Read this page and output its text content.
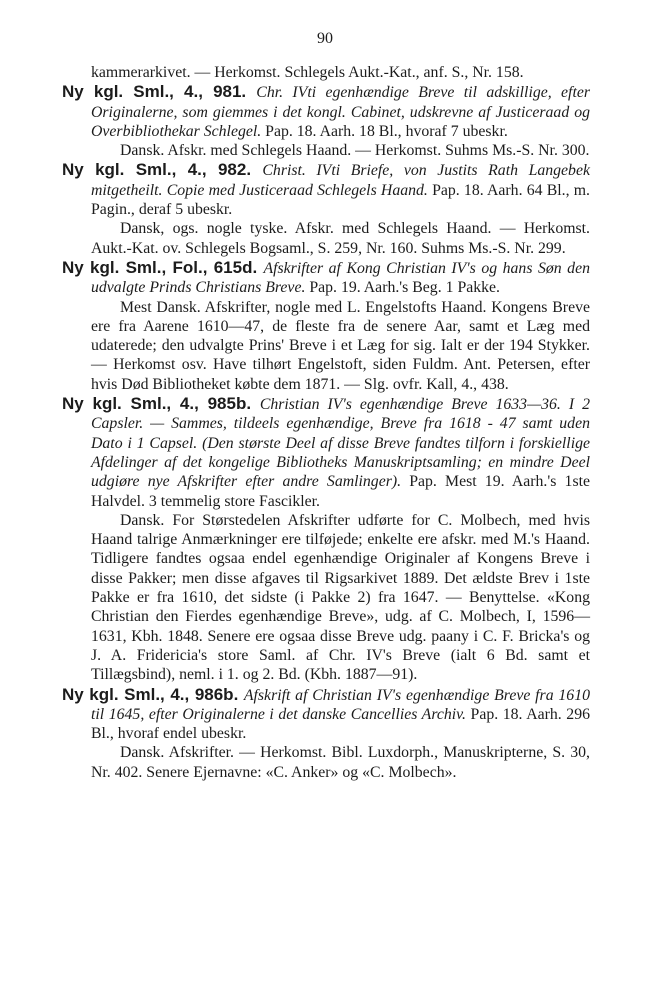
90

kammerarkivet. — Herkomst. Schlegels Aukt.-Kat., anf. S., Nr. 158.

Ny kgl. Sml., 4., 981. Chr. IVti egenhændige Breve til adskillige, efter Originalerne, som giemmes i det kongl. Cabinet, udskrevne af Justiceraad og Overbibliothekar Schlegel. Pap. 18. Aarh. 18 Bl., hvoraf 7 ubeskr.

Dansk. Afskr. med Schlegels Haand. — Herkomst. Suhms Ms.-S. Nr. 300.

Ny kgl. Sml., 4., 982. Christ. IVti Briefe, von Justits Rath Langebek mitgetheilt. Copie med Justiceraad Schlegels Haand. Pap. 18. Aarh. 64 Bl., m. Pagin., deraf 5 ubeskr.

Dansk, ogs. nogle tyske. Afskr. med Schlegels Haand. — Herkomst. Aukt.-Kat. ov. Schlegels Bogsaml., S. 259, Nr. 160. Suhms Ms.-S. Nr. 299.

Ny kgl. Sml., Fol., 615d. Afskrifter af Kong Christian IV's og hans Søn den udvalgte Prinds Christians Breve. Pap. 19. Aarh.'s Beg. 1 Pakke.

Mest Dansk. Afskrifter, nogle med L. Engelstofts Haand. Kongens Breve ere fra Aarene 1610—47, de fleste fra de senere Aar, samt et Læg med udaterede; den udvalgte Prins' Breve i et Læg for sig. Ialt er der 194 Stykker. — Herkomst osv. Have tilhørt Engelstoft, siden Fuldm. Ant. Petersen, efter hvis Død Bibliotheket købte dem 1871. — Slg. ovfr. Kall, 4., 438.

Ny kgl. Sml., 4., 985b. Christian IV's egenhændige Breve 1633—36. I 2 Capsler. — Sammes, tildeels egenhændige, Breve fra 1618 - 47 samt uden Dato i 1 Capsel. (Den største Deel af disse Breve fandtes tilforn i forskiellige Afdelinger af det kongelige Bibliotheks Manuskriptsamling; en mindre Deel udgiøre nye Afskrifter efter andre Samlinger). Pap. Mest 19. Aarh.'s 1ste Halvdel. 3 temmelig store Fascikler.

Dansk. For Størstedelen Afskrifter udførte for C. Molbech, med hvis Haand talrige Anmærkninger ere tilføjede; enkelte ere afskr. med M.'s Haand. Tidligere fandtes ogsaa endel egenhændige Originaler af Kongens Breve i disse Pakker; men disse afgaves til Rigsarkivet 1889. Det ældste Brev i 1ste Pakke er fra 1610, det sidste (i Pakke 2) fra 1647. — Benyttelse. «Kong Christian den Fierdes egenhændige Breve», udg. af C. Molbech, I, 1596—1631, Kbh. 1848. Senere ere ogsaa disse Breve udg. paany i C. F. Bricka's og J. A. Fridericia's store Saml. af Chr. IV's Breve (ialt 6 Bd. samt et Tillægsbind), neml. i 1. og 2. Bd. (Kbh. 1887—91).

Ny kgl. Sml., 4., 986b. Afskrift af Christian IV's egenhændige Breve fra 1610 til 1645, efter Originalerne i det danske Cancellies Archiv. Pap. 18. Aarh. 296 Bl., hvoraf endel ubeskr.

Dansk. Afskrifter. — Herkomst. Bibl. Luxdorph., Manuskripterne, S. 30, Nr. 402. Senere Ejernavne: «C. Anker» og «C. Molbech».
